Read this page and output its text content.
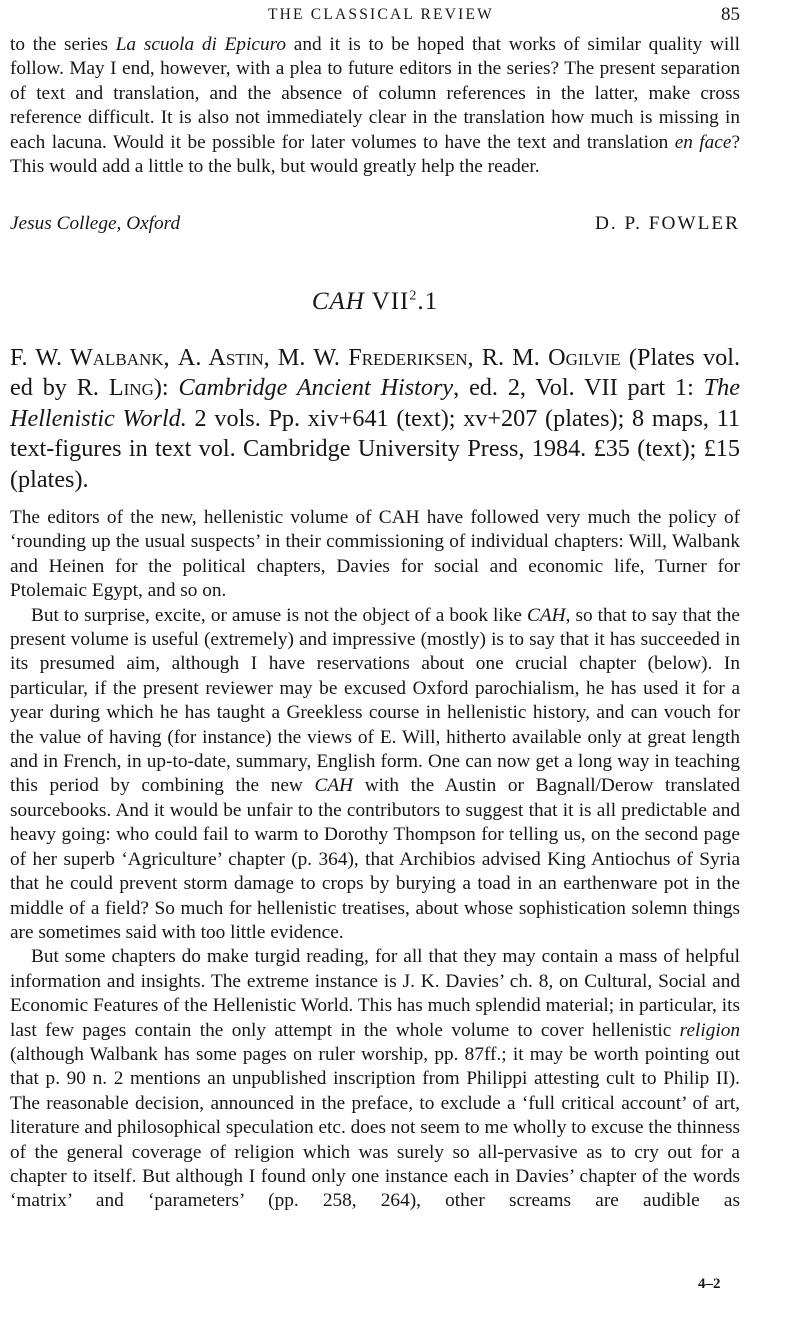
THE CLASSICAL REVIEW	85

to the series La scuola di Epicuro and it is to be hoped that works of similar quality will follow. May I end, however, with a plea to future editors in the series? The present separation of text and translation, and the absence of column references in the latter, make cross reference difficult. It is also not immediately clear in the translation how much is missing in each lacuna. Would it be possible for later volumes to have the text and translation en face? This would add a little to the bulk, but would greatly help the reader.

Jesus College, Oxford	D. P. FOWLER
CAH VII$^2$.1
F. W. Walbank, A. Astin, M. W. Frederiksen, R. M. Ogilvie (Plates vol. ed by R. Ling): Cambridge Ancient History, ed. 2, Vol. VII part 1: The Hellenistic World. 2 vols. Pp. xiv+641 (text); xv+207 (plates); 8 maps, 11 text-figures in text vol. Cambridge University Press, 1984. £35 (text); £15 (plates).

The editors of the new, hellenistic volume of CAH have followed very much the policy of ‘rounding up the usual suspects’ in their commissioning of individual chapters: Will, Walbank and Heinen for the political chapters, Davies for social and economic life, Turner for Ptolemaic Egypt, and so on.

But to surprise, excite, or amuse is not the object of a book like CAH, so that to say that the present volume is useful (extremely) and impressive (mostly) is to say that it has succeeded in its presumed aim, although I have reservations about one crucial chapter (below). In particular, if the present reviewer may be excused Oxford parochialism, he has used it for a year during which he has taught a Greekless course in hellenistic history, and can vouch for the value of having (for instance) the views of E. Will, hitherto available only at great length and in French, in up-to-date, summary, English form. One can now get a long way in teaching this period by combining the new CAH with the Austin or Bagnall/Derow translated sourcebooks. And it would be unfair to the contributors to suggest that it is all predictable and heavy going: who could fail to warm to Dorothy Thompson for telling us, on the second page of her superb ‘Agriculture’ chapter (p. 364), that Archibios advised King Antiochus of Syria that he could prevent storm damage to crops by burying a toad in an earthenware pot in the middle of a field? So much for hellenistic treatises, about whose sophistication solemn things are sometimes said with too little evidence.

But some chapters do make turgid reading, for all that they may contain a mass of helpful information and insights. The extreme instance is J. K. Davies’ ch. 8, on Cultural, Social and Economic Features of the Hellenistic World. This has much splendid material; in particular, its last few pages contain the only attempt in the whole volume to cover hellenistic religion (although Walbank has some pages on ruler worship, pp. 87ff.; it may be worth pointing out that p. 90 n. 2 mentions an unpublished inscription from Philippi attesting cult to Philip II). The reasonable decision, announced in the preface, to exclude a ‘full critical account’ of art, literature and philosophical speculation etc. does not seem to me wholly to excuse the thinness of the general coverage of religion which was surely so all-pervasive as to cry out for a chapter to itself. But although I found only one instance each in Davies’ chapter of the words ‘matrix’ and ‘parameters’ (pp. 258, 264), other screams are audible as

4–2
